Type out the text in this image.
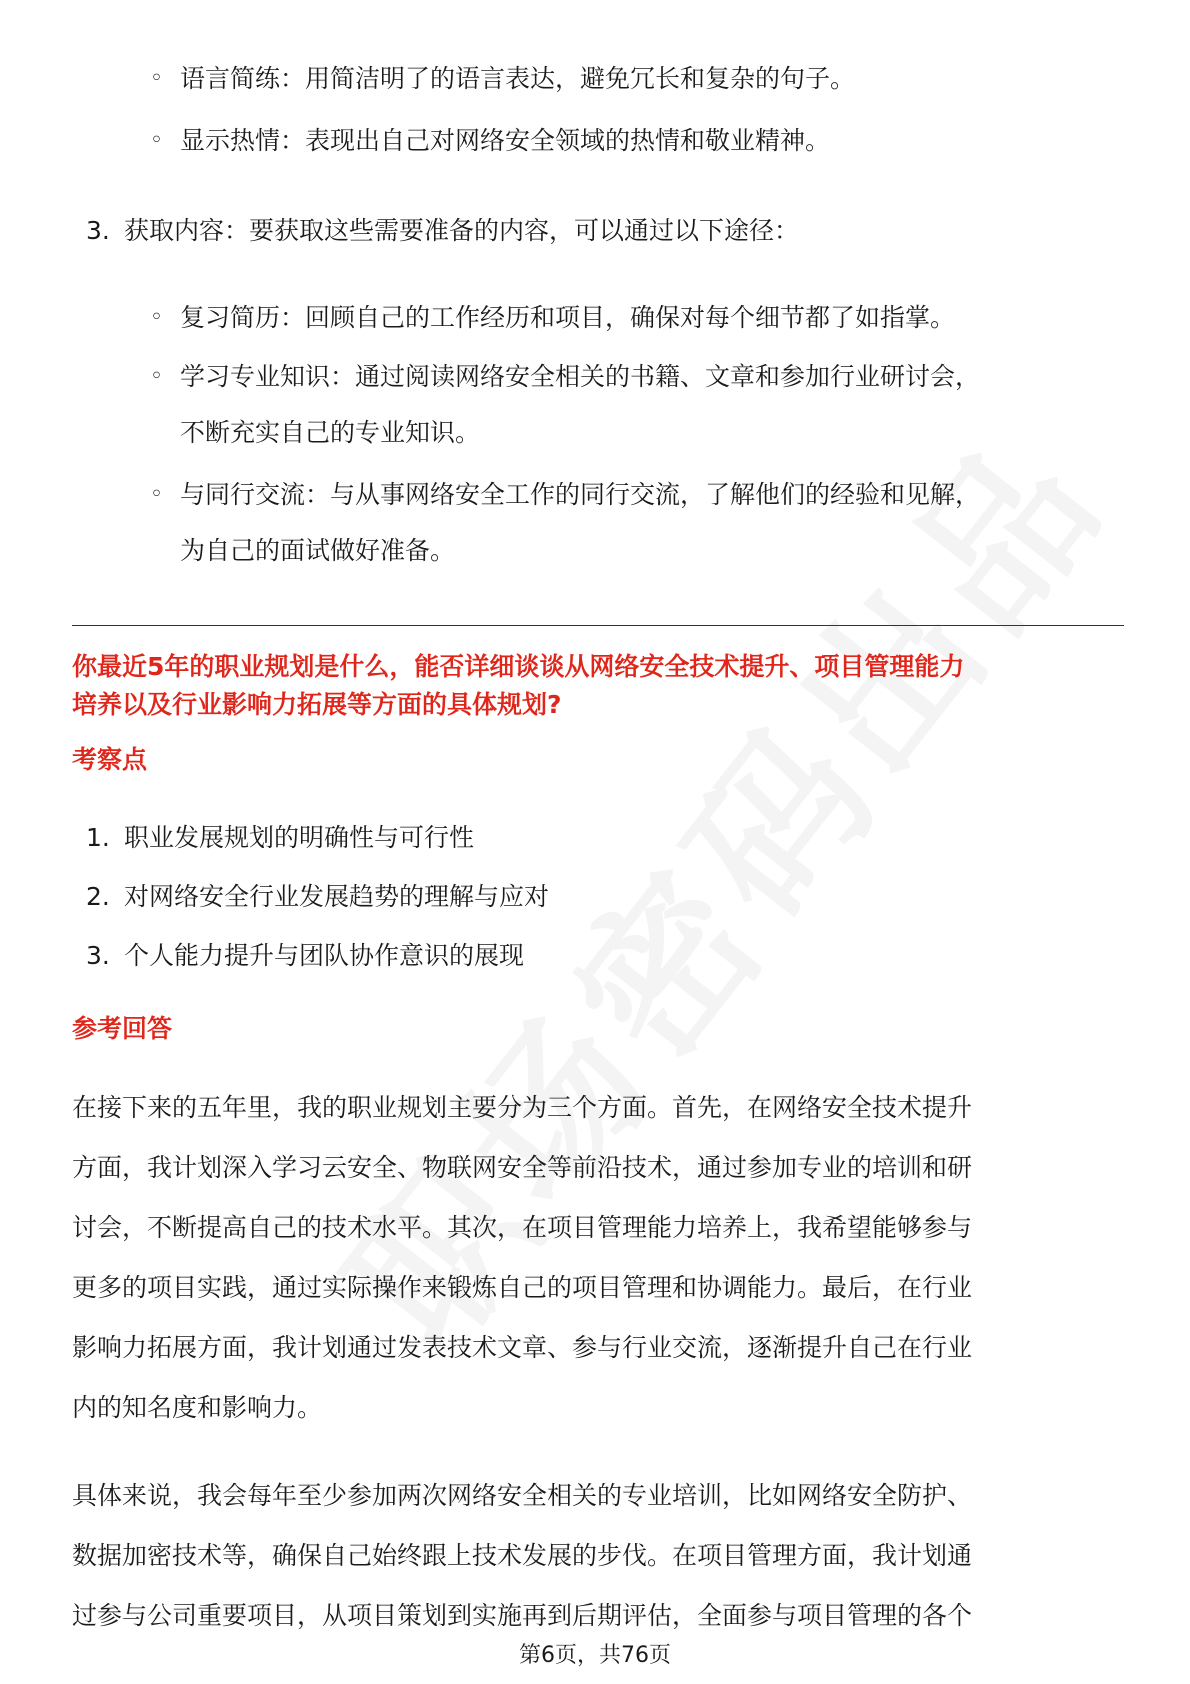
◦ 语言简练：用简洁明了的语言表达，避免冗长和复杂的句子。
◦ 显示热情：表现出自己对网络安全领域的热情和敬业精神。
3. 获取内容：要获取这些需要准备的内容，可以通过以下途径：
◦ 复习简历：回顾自己的工作经历和项目，确保对每个细节都了如指掌。
◦ 学习专业知识：通过阅读网络安全相关的书籍、文章和参加行业研讨会，
不断充实自己的专业知识。
◦ 与同行交流：与从事网络安全工作的同行交流，了解他们的经验和见解，
为自己的面试做好准备。
你最近5年的职业规划是什么，能否详细谈谈从网络安全技术提升、项目管理能力
培养以及行业影响力拓展等方面的具体规划?
考察点
1. 职业发展规划的明确性与可行性
2. 对网络安全行业发展趋势的理解与应对
3. 个人能力提升与团队协作意识的展现
参考回答
在接下来的五年里，我的职业规划主要分为三个方面。首先，在网络安全技术提升
方面，我计划深入学习云安全、物联网安全等前沿技术，通过参加专业的培训和研
讨会，不断提高自己的技术水平。其次，在项目管理能力培养上，我希望能够参与
更多的项目实践，通过实际操作来锻炼自己的项目管理和协调能力。最后，在行业
影响力拓展方面，我计划通过发表技术文章、参与行业交流，逐渐提升自己在行业
内的知名度和影响力。
具体来说，我会每年至少参加两次网络安全相关的专业培训，比如网络安全防护、
数据加密技术等，确保自己始终跟上技术发展的步伐。在项目管理方面，我计划通
过参与公司重要项目，从项目策划到实施再到后期评估，全面参与项目管理的各个
第6页，共76页
